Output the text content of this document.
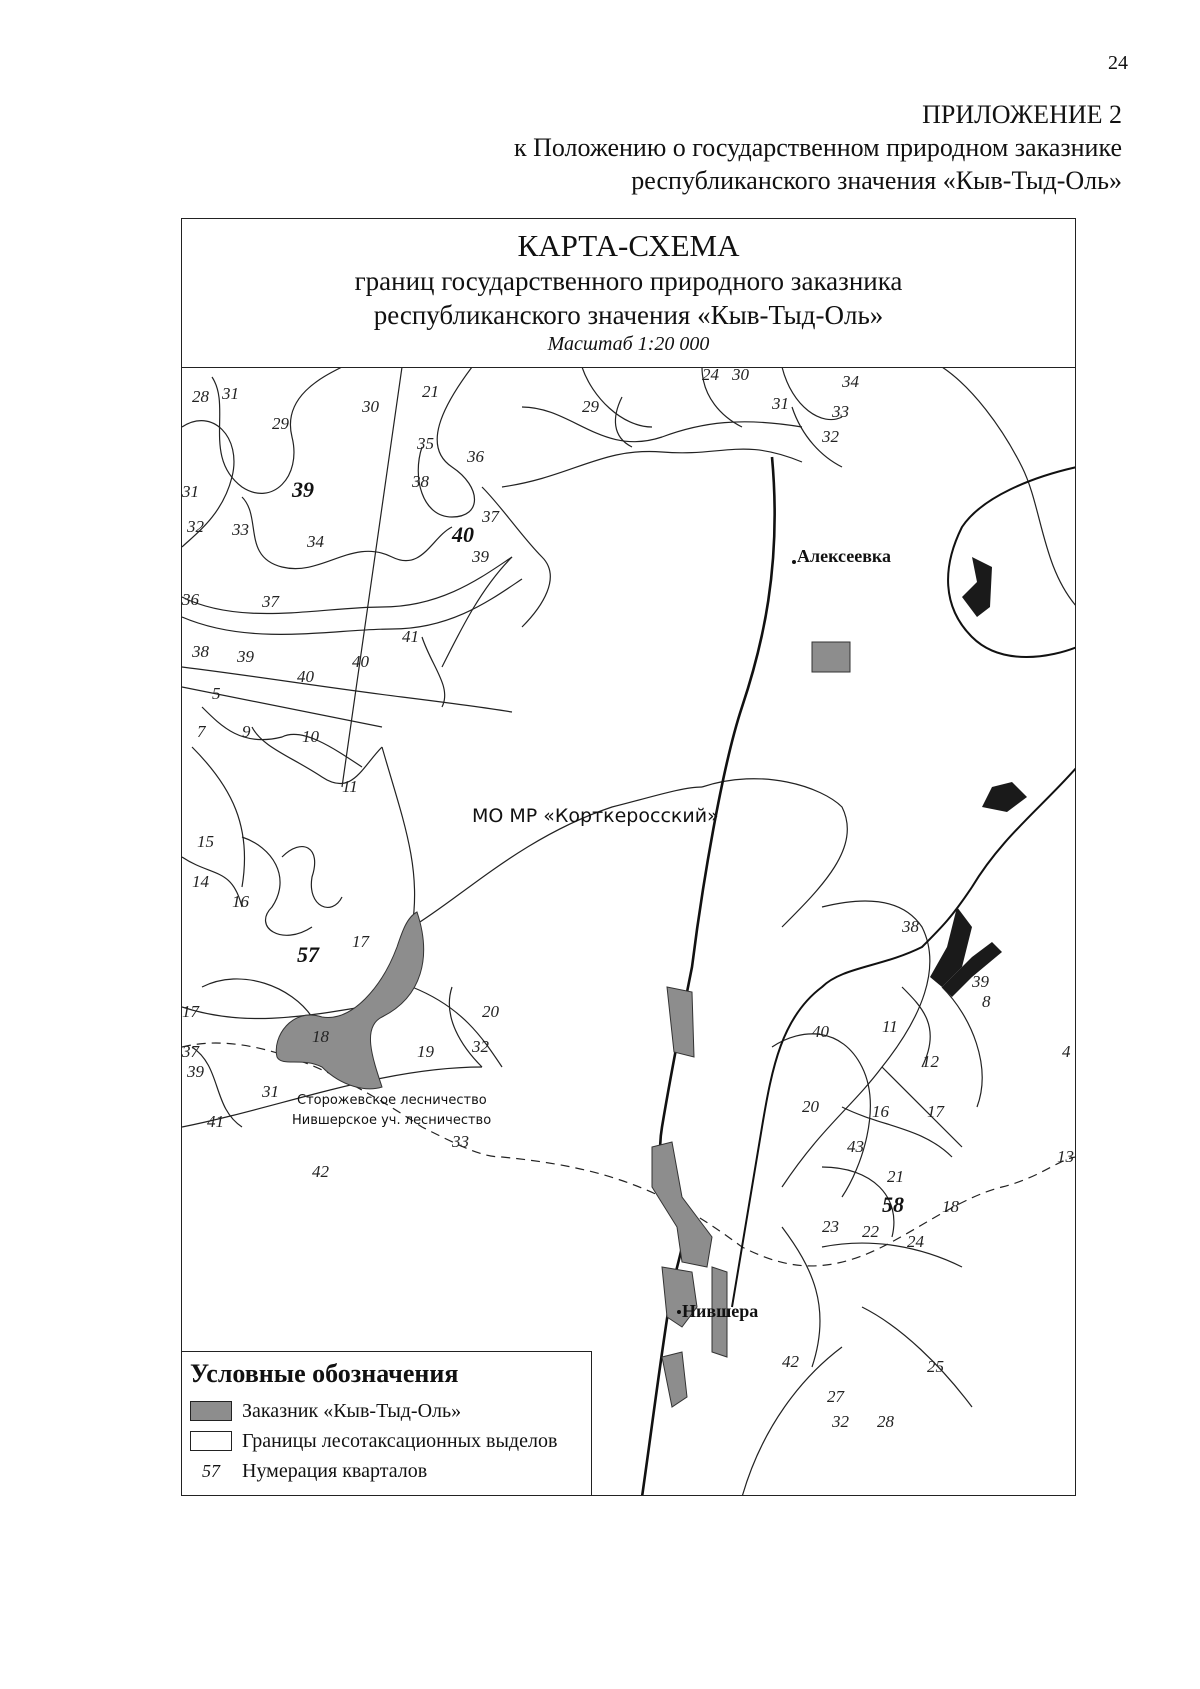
24
ПРИЛОЖЕНИЕ 2
к Положению о государственном природном заказнике
республиканского значения «Кыв-Тыд-Оль»
КАРТА-СХЕМА
границ государственного природного заказника
республиканского значения «Кыв-Тыд-Оль»
Масштаб 1:20 000
28 31
29
30
21
29
24 30
31
34
33
32
35
36
38
39
31
32 33
34	40
37
39
36	37
38 39
40
41
40
5
7 9	10
11
15
14
16
57
17
17
18
20
19 32
37
39
31
41
33
42
38
39
8
4
40	11
12
20	16 17
43
13
21
58 18
23 22
24
42	25
27
32 28
МО МР «Корткеросский»
Сторожевское лесничество
Нившерское уч. лесничество
Алексеевка
Нившера
Условные обозначения
Заказник «Кыв-Тыд-Оль»
Границы лесотаксационных выделов
57	Нумерация кварталов
